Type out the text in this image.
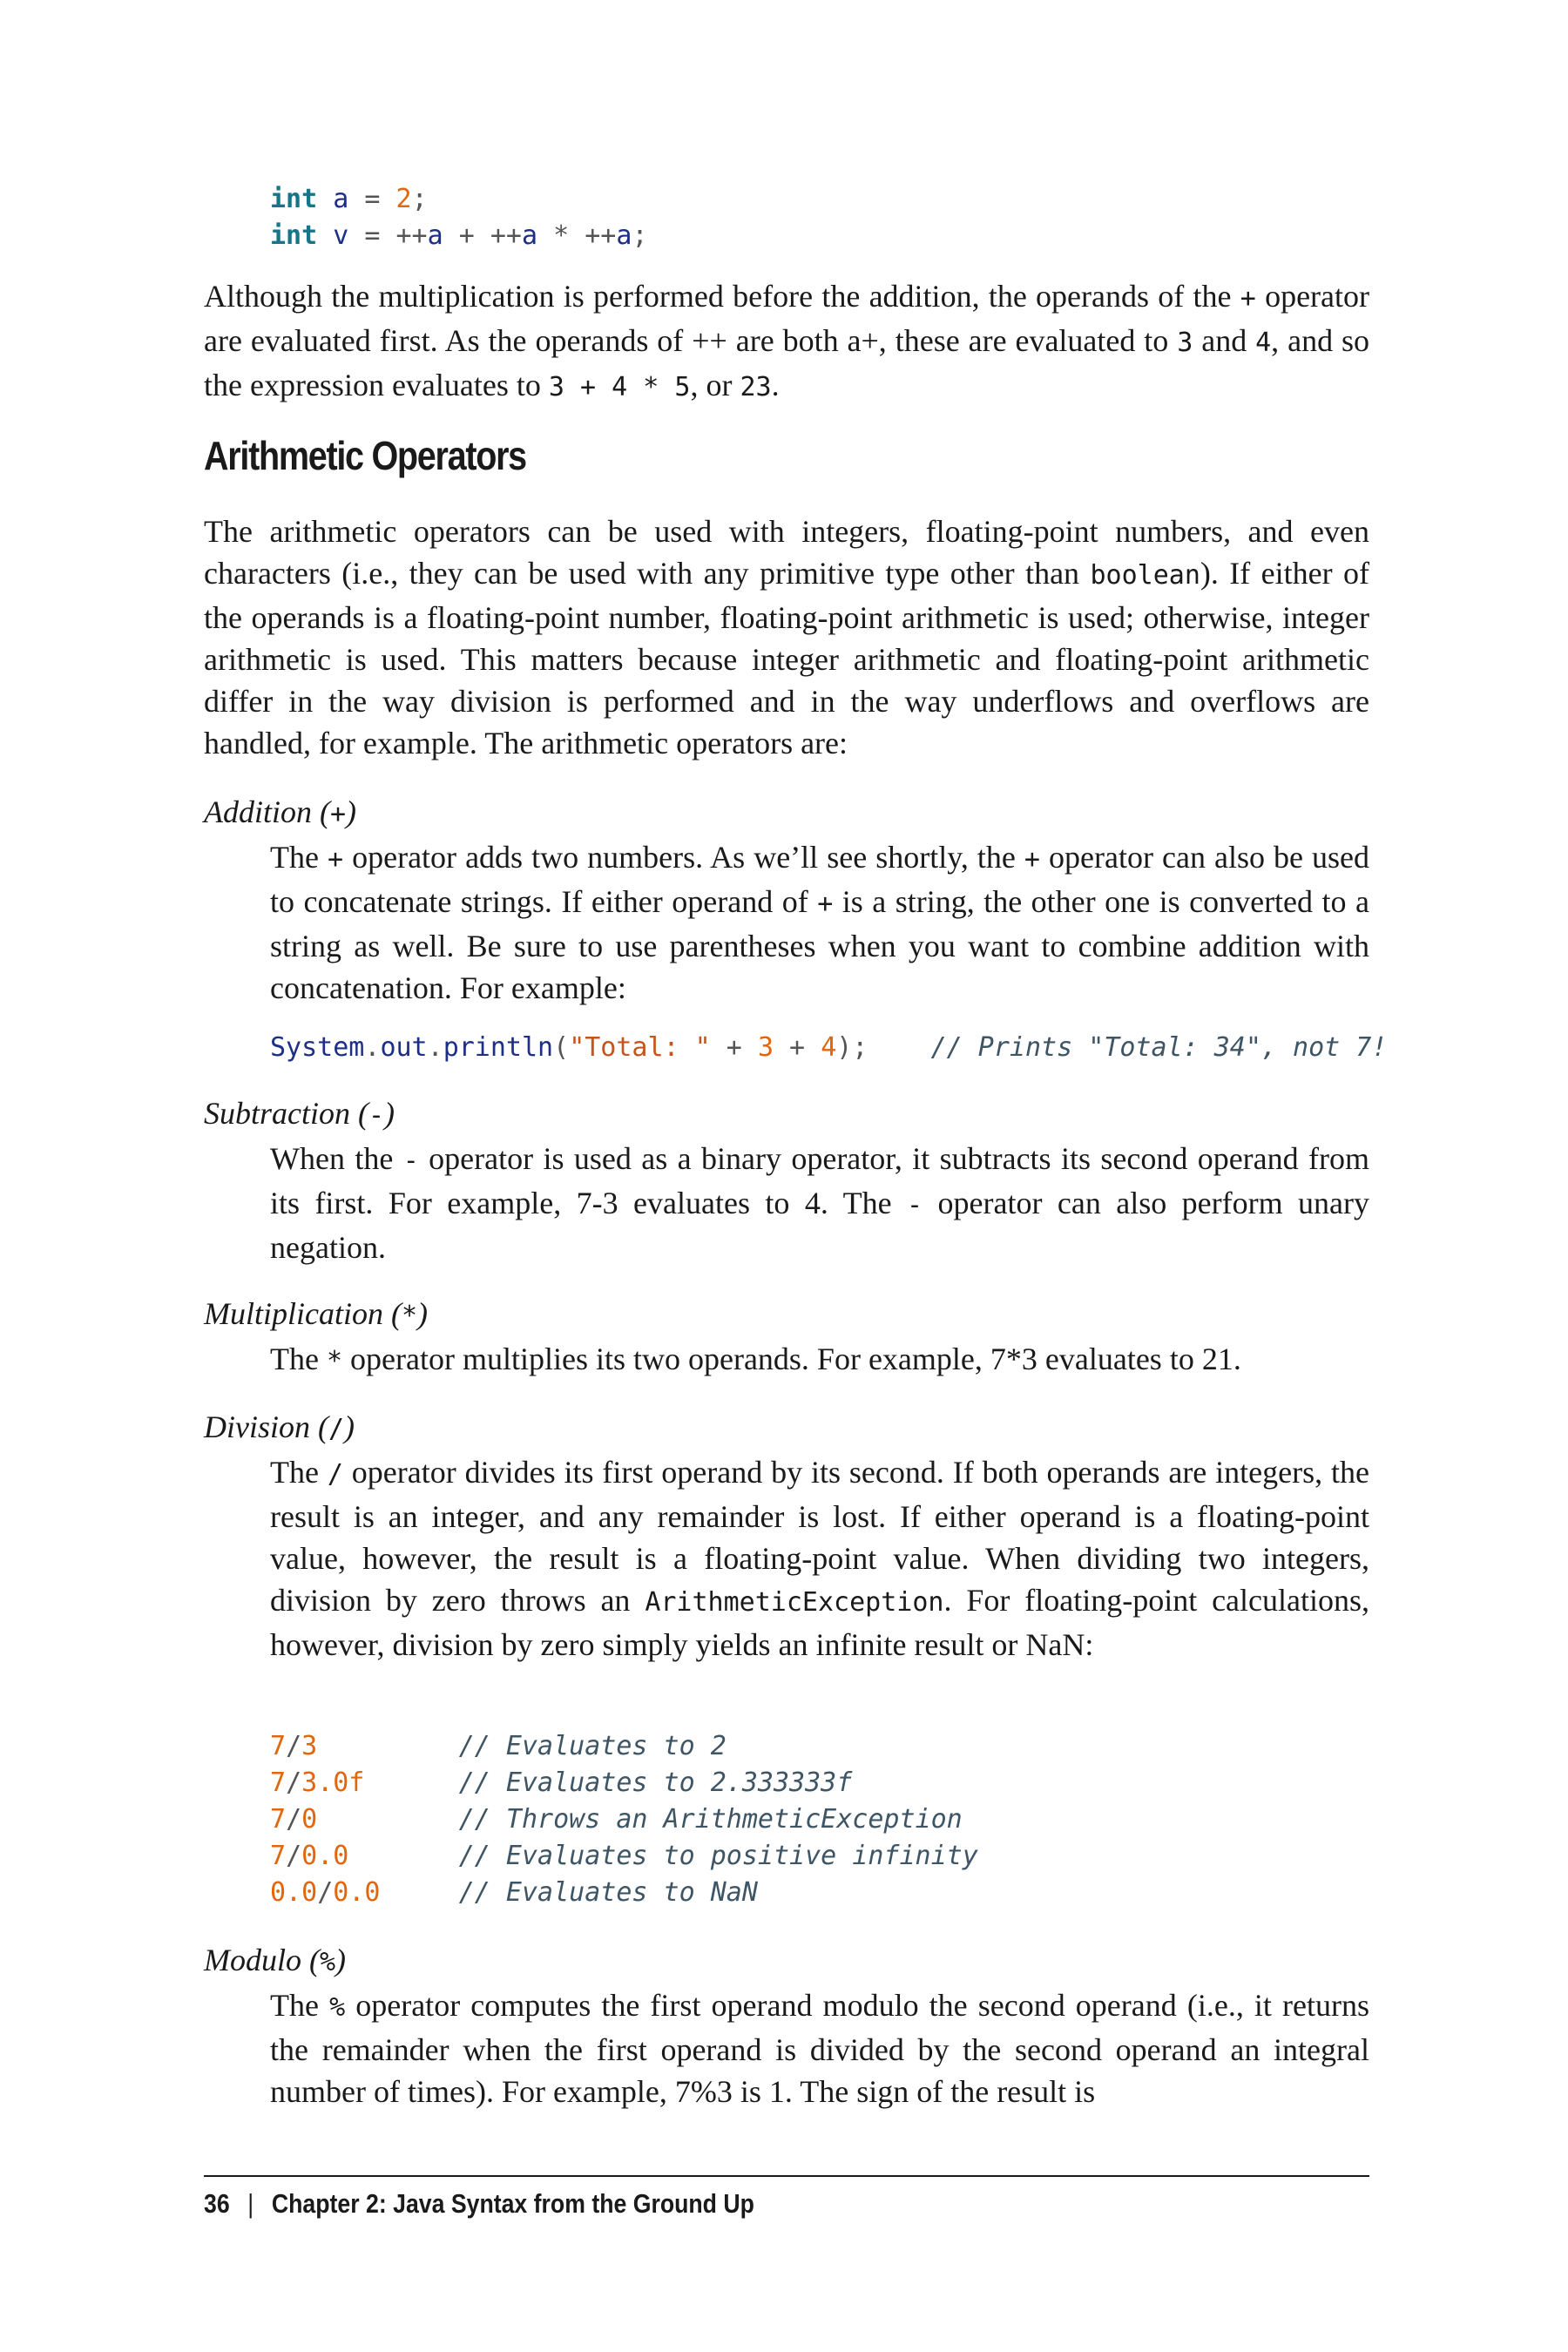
int a = 2;
int v = ++a + ++a * ++a;

Although the multiplication is performed before the addition, the operands of the + operator are evaluated first. As the operands of ++ are both a+, these are evaluated to 3 and 4, and so the expression evaluates to 3 + 4 * 5, or 23.

Arithmetic Operators

The arithmetic operators can be used with integers, floating-point numbers, and even characters (i.e., they can be used with any primitive type other than boolean). If either of the operands is a floating-point number, floating-point arithmetic is used; otherwise, integer arithmetic is used. This matters because integer arithmetic and floating-point arithmetic differ in the way division is performed and in the way underflows and overflows are handled, for example. The arithmetic operators are:

Addition (+)

The + operator adds two numbers. As we’ll see shortly, the + operator can also be used to concatenate strings. If either operand of + is a string, the other one is converted to a string as well. Be sure to use parentheses when you want to combine addition with concatenation. For example:

System.out.println("Total: " + 3 + 4); // Prints "Total: 34", not 7!

Subtraction (-)

When the - operator is used as a binary operator, it subtracts its second operand from its first. For example, 7-3 evaluates to 4. The - operator can also perform unary negation.

Multiplication (*)

The * operator multiplies its two operands. For example, 7*3 evaluates to 21.

Division (/)

The / operator divides its first operand by its second. If both operands are integers, the result is an integer, and any remainder is lost. If either operand is a floating-point value, however, the result is a floating-point value. When dividing two integers, division by zero throws an ArithmeticException. For floating-point calculations, however, division by zero simply yields an infinite result or NaN:

7/3	// Evaluates to 2
7/3.0f	// Evaluates to 2.333333f
7/0	// Throws an ArithmeticException
7/0.0	// Evaluates to positive infinity
0.0/0.0	// Evaluates to NaN

Modulo (%)

The % operator computes the first operand modulo the second operand (i.e., it returns the remainder when the first operand is divided by the second operand an integral number of times). For example, 7%3 is 1. The sign of the result is

36 | Chapter 2: Java Syntax from the Ground Up
